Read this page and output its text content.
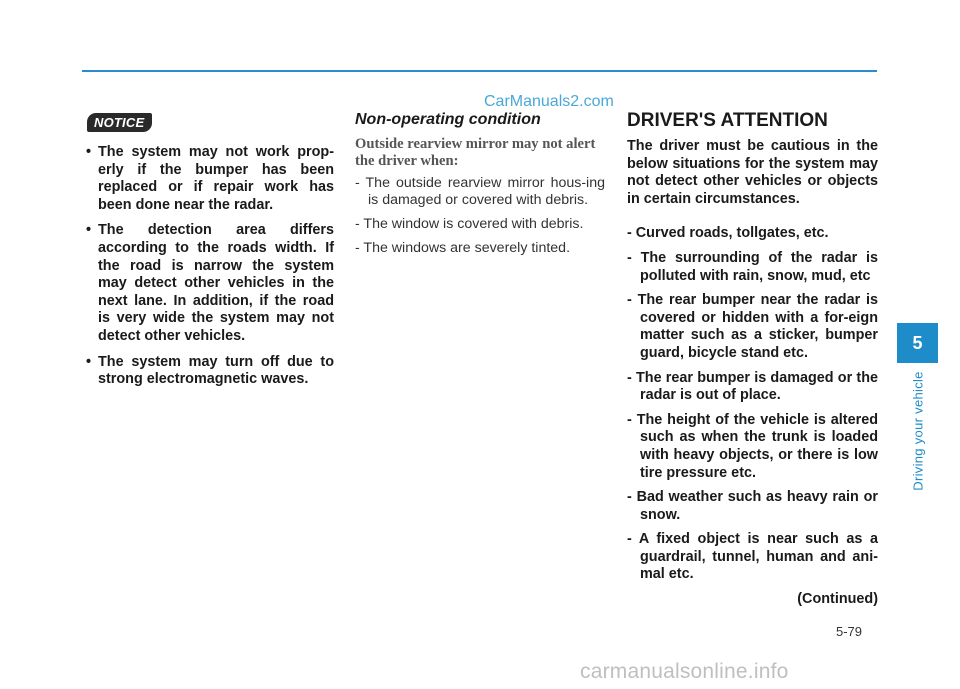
CarManuals2.com
NOTICE
• The system may not work prop-erly if the bumper has been replaced or if repair work has been done near the radar.
• The detection area differs according to the roads width. If the road is narrow the system may detect other vehicles in the next lane. In addition, if the road is very wide the system may not detect other vehicles.
• The system may turn off due to strong electromagnetic waves.
Non-operating condition
Outside rearview mirror may not alert the driver when:
- The outside rearview mirror hous-ing is damaged or covered with debris.
- The window is covered with debris.
- The windows are severely tinted.
DRIVER'S ATTENTION
The driver must be cautious in the below situations for the system may not detect other vehicles or objects in certain circumstances.
- Curved roads, tollgates, etc.
- The surrounding of the radar is polluted with rain, snow, mud, etc
- The rear bumper near the radar is covered or hidden with a for-eign matter such as a sticker, bumper guard, bicycle stand etc.
- The rear bumper is damaged or the radar is out of place.
- The height of the vehicle is altered such as when the trunk is loaded with heavy objects, or there is low tire pressure etc.
- Bad weather such as heavy rain or snow.
- A fixed object is near such as a guardrail, tunnel, human and ani-mal etc.
(Continued)
5
Driving your vehicle
5-79
carmanualsonline.info
